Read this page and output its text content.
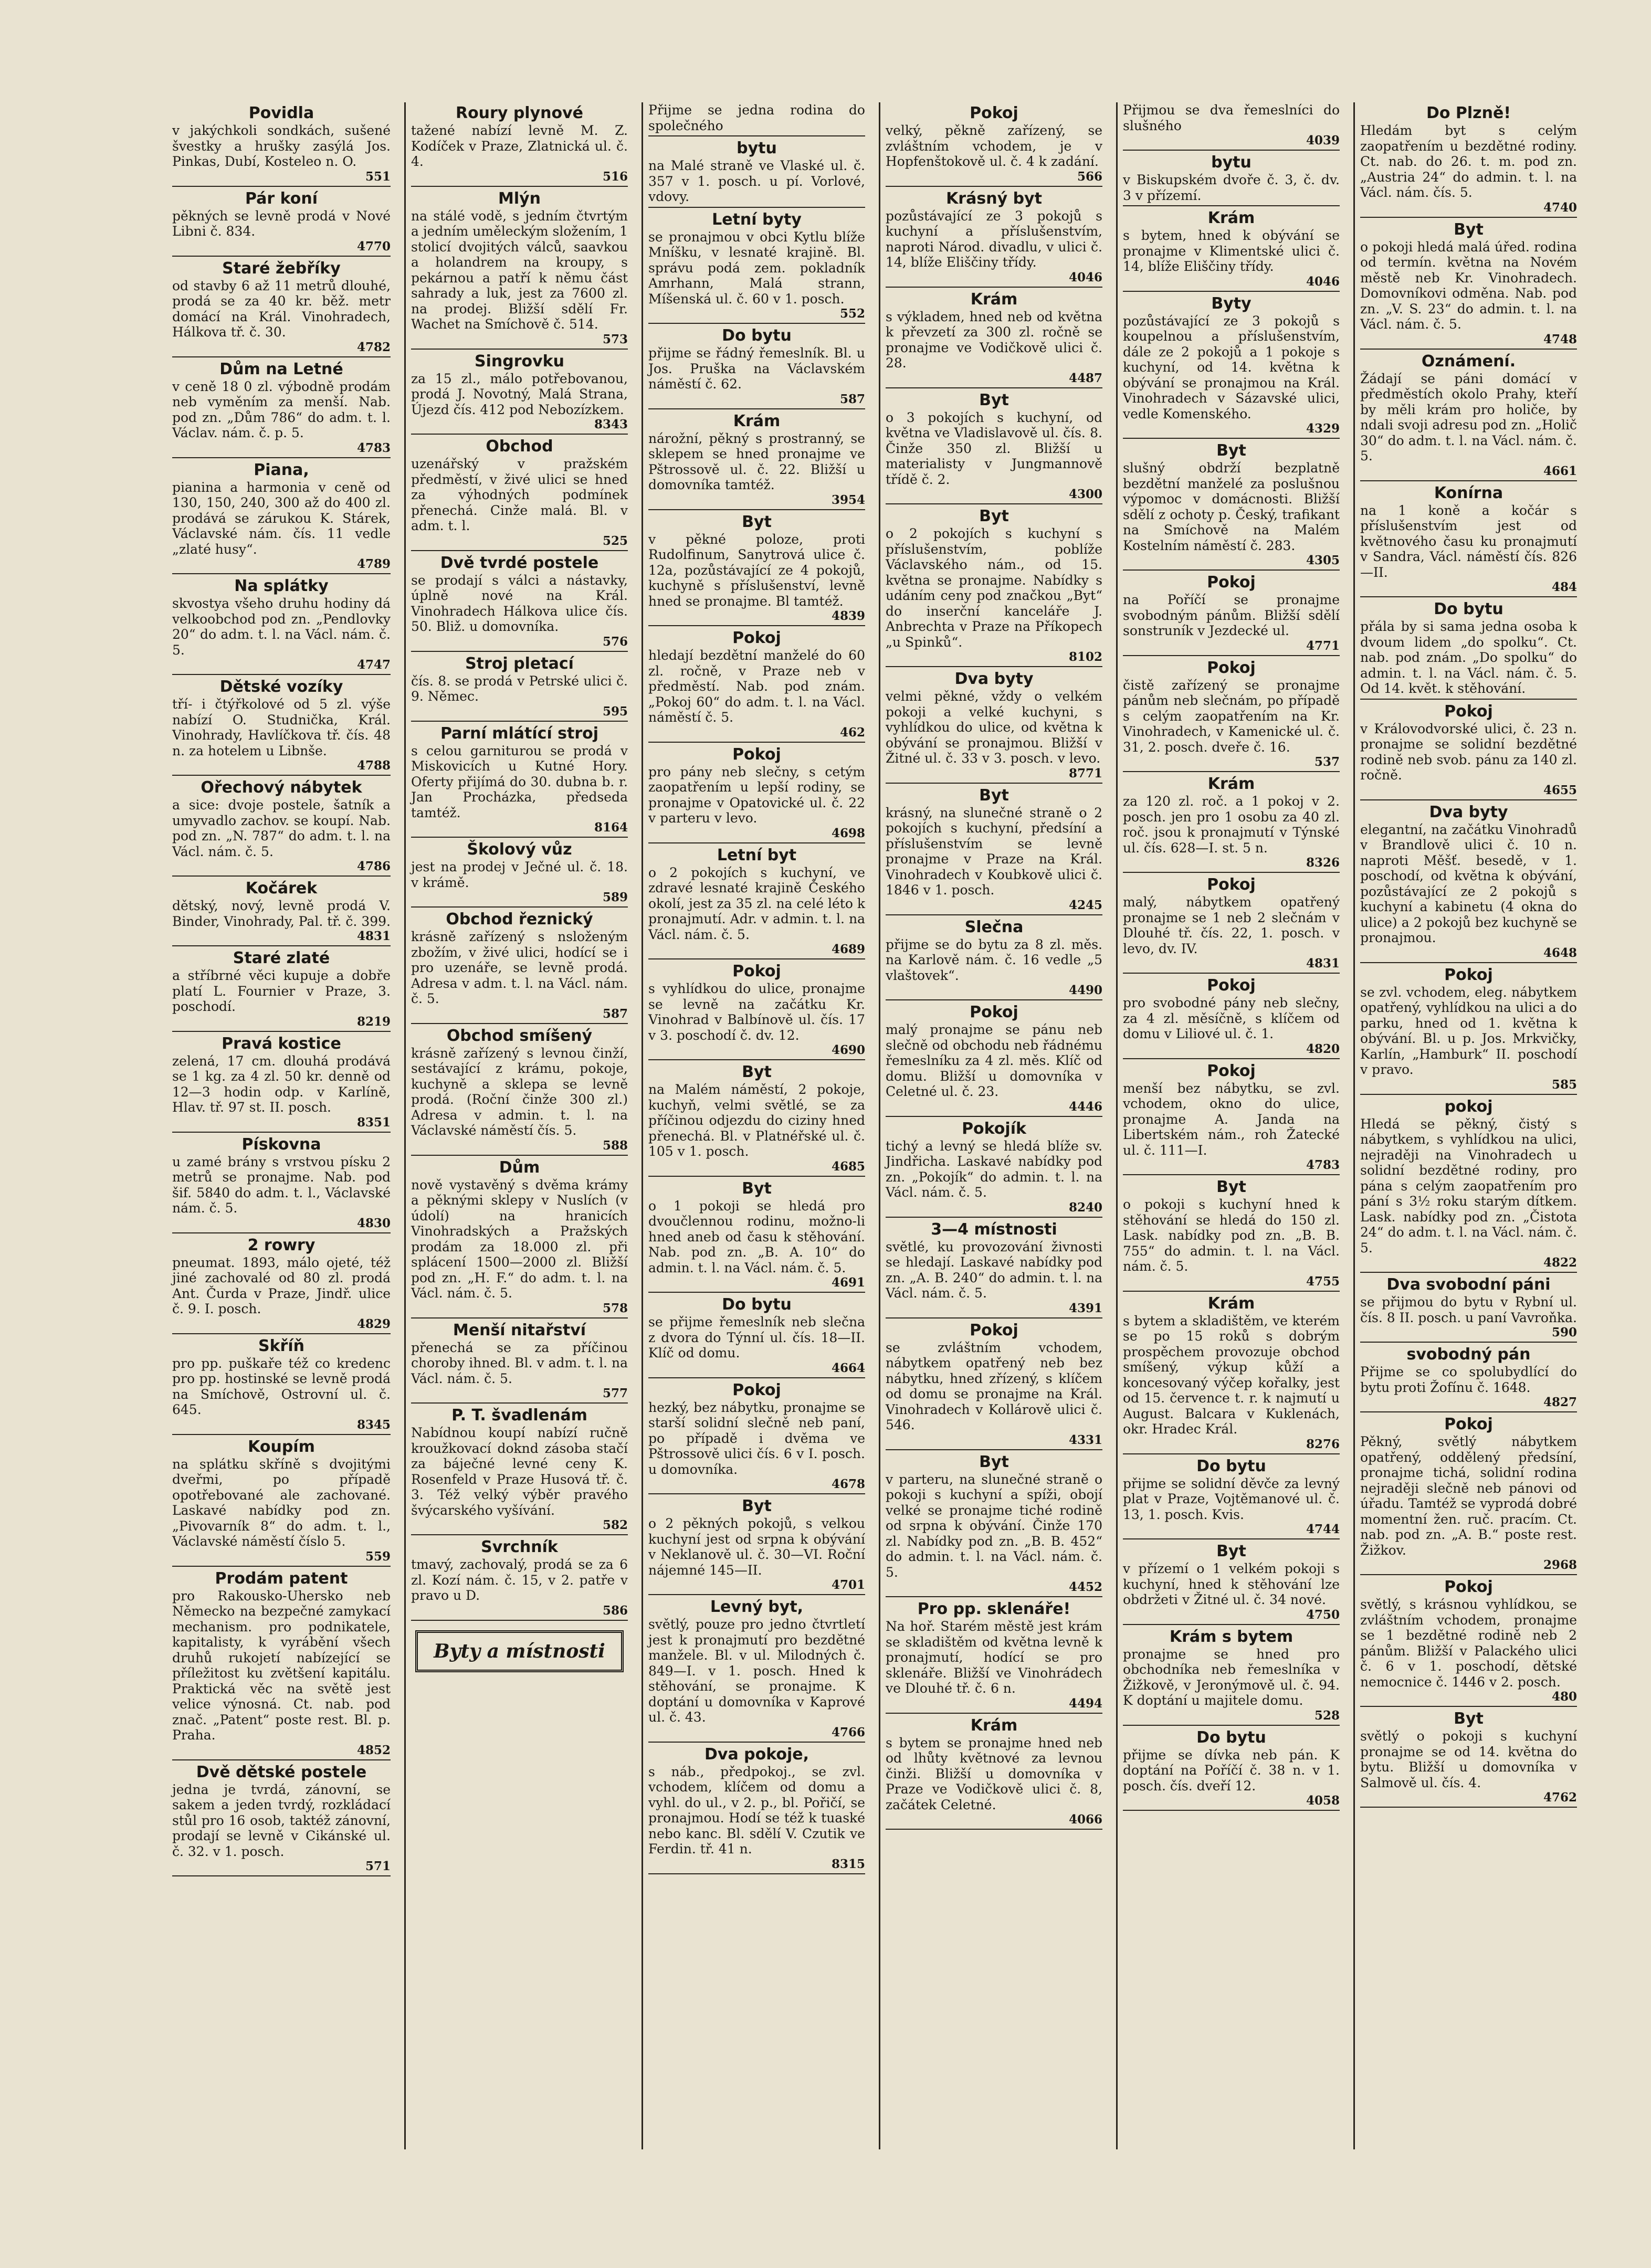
Povidla

v jakýchkoli sondkách, sušené švestky a hrušky zasýlá Jos. Pinkas, Dubí, Kosteleo n. O.

551
Pár koní

pěkných se levně prodá v Nové Libni č. 834.

4770
Staré žebříky

od stavby 6 až 11 metrů dlouhé, prodá se za 40 kr. běž. metr domácí na Král. Vinohradech, Hálkova tř. č. 30.

4782
Dům na Letné

v ceně 18 0 zl. výbodně prodám neb vyměním za menší. Nab. pod zn. „Dům 786“ do adm. t. l. Václav. nám. č. p. 5.

4783
Piana,

pianina a harmonia v ceně od 130, 150, 240, 300 až do 400 zl. prodává se zárukou K. Stárek, Václavské nám. čís. 11 vedle „zlaté husy“.

4789
Na splátky

skvostya všeho druhu hodiny dá velkoobchod pod zn. „Pendlovky 20“ do adm. t. l. na Václ. nám. č. 5.

4747
Dětské vozíky

tří- i čtýřkolové od 5 zl. výše nabízí O. Studnička, Král. Vinohrady, Havlíčkova tř. čís. 48 n. za hotelem u Libnše.

4788
Ořechový nábytek

a sice: dvoje postele, šatník a umyvadlo zachov. se koupí. Nab. pod zn. „N. 787“ do adm. t. l. na Václ. nám. č. 5.

4786
Kočárek

dětský, nový, levně prodá V. Binder, Vinohrady, Pal. tř. č. 399.

4831
Staré zlaté

a stříbrné věci kupuje a dobře platí L. Fournier v Praze, 3. poschodí.

8219
Pravá kostice

zelená, 17 cm. dlouhá prodává se 1 kg. za 4 zl. 50 kr. denně od 12—3 hodin odp. v Karlíně, Hlav. tř. 97 st. II. posch.

8351
Pískovna

u zamé brány s vrstvou písku 2 metrů se pronajme. Nab. pod šif. 5840 do adm. t. l., Václavské nám. č. 5.

4830
2 rowry

pneumat. 1893, málo ojeté, též jiné zachovalé od 80 zl. prodá Ant. Čurda v Praze, Jindř. ulice č. 9. I. posch.

4829
Skříň

pro pp. puškaře též co kredenc pro pp. hostinské se levně prodá na Smíchově, Ostrovní ul. č. 645.

8345
Koupím

na splátku skříně s dvojitými dveřmi, po případě opotřebované ale zachované. Laskavé nabídky pod zn. „Pivovarník 8“ do adm. t. l., Václavské náměstí číslo 5.

559
Prodám patent

pro Rakousko-Uhersko neb Německo na bezpečné zamykací mechanism. pro podnikatele, kapitalisty, k vyrábění všech druhů rukojetí nabízející se příležitost ku zvětšení kapitálu. Praktická věc na světě jest velice výnosná. Ct. nab. pod znač. „Patent“ poste rest. Bl. p. Praha.

4852
Dvě dětské postele

jedna je tvrdá, zánovní, se sakem a jeden tvrdý, rozkládací stůl pro 16 osob, taktéž zánovní, prodají se levně v Cikánské ul. č. 32. v 1. posch.

571
Roury plynové

tažené nabízí levně M. Z. Kodíček v Praze, Zlatnická ul. č. 4.

516
Mlýn

na stálé vodě, s jedním čtvrtým a jedním uměleckým složením, 1 stolicí dvojitých válců, saavkou a holandrem na kroupy, s pekárnou a patří k němu část sahrady a luk, jest za 7600 zl. na prodej. Bližší sdělí Fr. Wachet na Smíchově č. 514.

573
Singrovku

za 15 zl., málo potřebovanou, prodá J. Novotný, Malá Strana, Újezd čís. 412 pod Nebozízkem.

8343
Obchod

uzenářský v pražském předměstí, v živé ulici se hned za výhodných podmínek přenechá. Cinže malá. Bl. v adm. t. l.

525
Dvě tvrdé postele

se prodají s válci a nástavky, úplně nové na Král. Vinohradech Hálkova ulice čís. 50. Bliž. u domovníka.

576
Stroj pletací

čís. 8. se prodá v Petrské ulici č. 9. Němec.

595
Parní mlátící stroj

s celou garniturou se prodá v Miskovicích u Kutné Hory. Oferty přijímá do 30. dubna b. r. Jan Procházka, předseda tamtéž.

8164
Školový vůz

jest na prodej v Ječné ul. č. 18. v krámě.

589
Obchod řeznický

krásně zařízený s nsloženým zbožím, v živé ulici, hodící se i pro uzenáře, se levně prodá. Adresa v adm. t. l. na Václ. nám. č. 5.

587
Obchod smíšený

krásně zařízený s levnou činží, sestávající z krámu, pokoje, kuchyně a sklepa se levně prodá. (Roční činže 300 zl.) Adresa v admin. t. l. na Václavské náměstí čís. 5.

588
Dům

nově vystavěný s dvěma krámy a pěknými sklepy v Nuslích (v údolí) na hranicích Vinohradských a Pražských prodám za 18.000 zl. při splácení 1500—2000 zl. Bližší pod zn. „H. F.“ do adm. t. l. na Václ. nám. č. 5.

578
Menší nitařství

přenechá se za příčinou choroby ihned. Bl. v adm. t. l. na Václ. nám. č. 5.

577
P. T. švadlenám

Nabídnou koupí nabízí ručně kroužkovací doknd zásoba stačí za báječné levné ceny K. Rosenfeld v Praze Husová tř. č. 3. Též velký výběr pravého švýcarského vyšívání.

582
Svrchník

tmavý, zachovalý, prodá se za 6 zl. Kozí nám. č. 15, v 2. patře v pravo u D.

586
Byty a místnosti

Přijme se jedna rodina do společného

bytu

na Malé straně ve Vlaské ul. č. 357 v 1. posch. u pí. Vorlové, vdovy.

Letní byty

se pronajmou v obci Kytlu blíže Mníšku, v lesnaté krajině. Bl. správu podá zem. pokladník Amrhann, Malá strann, Míšenská ul. č. 60 v 1. posch.

552
Do bytu

přijme se řádný řemeslník. Bl. u Jos. Pruška na Václavském náměstí č. 62.

587
Krám

nárožní, pěkný s prostranný, se sklepem se hned pronajme ve Pštrossově ul. č. 22. Bližší u domovníka tamtéž.

3954
Byt

v pěkné poloze, proti Rudolfinum, Sanytrová ulice č. 12a, pozůstávající ze 4 pokojů, kuchyně s příslušenství, levně hned se pronajme. Bl tamtéž.

4839
Pokoj

hledají bezdětní manželé do 60 zl. ročně, v Praze neb v předměstí. Nab. pod znám. „Pokoj 60“ do adm. t. l. na Václ. náměstí č. 5.

462
Pokoj

pro pány neb slečny, s cetým zaopatřením u lepší rodiny, se pronajme v Opatovické ul. č. 22 v parteru v levo.

4698
Letní byt

o 2 pokojích s kuchyní, ve zdravé lesnaté krajině Českého okolí, jest za 35 zl. na celé léto k pronajmutí. Adr. v admin. t. l. na Václ. nám. č. 5.

4689
Pokoj

s vyhlídkou do ulice, pronajme se levně na začátku Kr. Vinohrad v Balbínově ul. čís. 17 v 3. poschodí č. dv. 12.

4690
Byt

na Malém náměstí, 2 pokoje, kuchyň, velmi světlé, se za příčinou odjezdu do ciziny hned přenechá. Bl. v Platnéřské ul. č. 105 v 1. posch.

4685
Byt

o 1 pokoji se hledá pro dvoučlennou rodinu, možno-li hned aneb od času k stěhování. Nab. pod zn. „B. A. 10“ do admin. t. l. na Václ. nám. č. 5.

4691
Do bytu

se přijme řemeslník neb slečna z dvora do Týnní ul. čís. 18—II. Klíč od domu.

4664
Pokoj

hezký, bez nábytku, pronajme se starší solidní slečně neb paní, po případě i dvěma ve Pštrossově ulici čís. 6 v I. posch. u domovníka.

4678
Byt

o 2 pěkných pokojů, s velkou kuchyní jest od srpna k obývání v Neklanově ul. č. 30—VI. Roční nájemné 145—II.

4701
Levný byt,

světlý, pouze pro jedno čtvrtletí jest k pronajmutí pro bezdětné manžele. Bl. v ul. Milodných č. 849—I. v 1. posch. Hned k stěhování, se pronajme. K doptání u domovníka v Kaprové ul. č. 43.

4766
Dva pokoje,

s náb., předpokoj., se zvl. vchodem, klíčem od domu a vyhl. do ul., v 2. p., bl. Pořičí, se pronajmou. Hodí se též k tuaské nebo kanc. Bl. sdělí V. Czutik ve Ferdin. tř. 41 n.

8315
Pokoj

velký, pěkně zařízený, se zvláštním vchodem, je v Hopfenštokově ul. č. 4 k zadání.

566
Krásný byt

pozůstávající ze 3 pokojů s kuchyní a příslušenstvím, naproti Národ. divadlu, v ulici č. 14, blíže Eliščiny třídy.

4046
Krám

s výkladem, hned neb od května k převzetí za 300 zl. ročně se pronajme ve Vodičkově ulici č. 28.

4487
Byt

o 3 pokojích s kuchyní, od května ve Vladislavově ul. čís. 8. Činže 350 zl. Bližší u materialisty v Jungmannově třídě č. 2.

4300
Byt

o 2 pokojích s kuchyní s příslušenstvím, poblíže Václavského nám., od 15. května se pronajme. Nabídky s udáním ceny pod značkou „Byt“ do inserční kanceláře J. Anbrechta v Praze na Příkopech „u Spinků“.

8102
Dva byty

velmi pěkné, vždy o velkém pokoji a velké kuchyni, s vyhlídkou do ulice, od května k obývání se pronajmou. Bližší v Žitné ul. č. 33 v 3. posch. v levo.

8771
Byt

krásný, na slunečné straně o 2 pokojích s kuchyní, předsíní a příslušenstvím se levně pronajme v Praze na Král. Vinohradech v Koubkově ulici č. 1846 v 1. posch.

4245
Slečna

přijme se do bytu za 8 zl. měs. na Karlově nám. č. 16 vedle „5 vlaštovek“.

4490
Pokoj

malý pronajme se pánu neb slečně od obchodu neb řádnému řemeslníku za 4 zl. měs. Klíč od domu. Bližší u domovníka v Celetné ul. č. 23.

4446
Pokojík

tichý a levný se hledá blíže sv. Jindřicha. Laskavé nabídky pod zn. „Pokojík“ do admin. t. l. na Václ. nám. č. 5.

8240
3—4 místnosti

světlé, ku provozování živnosti se hledají. Laskavé nabídky pod zn. „A. B. 240“ do admin. t. l. na Václ. nám. č. 5.

4391
Pokoj

se zvláštním vchodem, nábytkem opatřený neb bez nábytku, hned zřízený, s klíčem od domu se pronajme na Král. Vinohradech v Kollárově ulici č. 546.

4331
Byt

v parteru, na slunečné straně o pokoji s kuchyní a spíži, obojí velké se pronajme tiché rodině od srpna k obývání. Činže 170 zl. Nabídky pod zn. „B. B. 452“ do admin. t. l. na Václ. nám. č. 5.

4452
Pro pp. sklenáře!

Na hoř. Starém městě jest krám se skladištěm od května levně k pronajmutí, hodící se pro sklenáře. Bližší ve Vinohrádech ve Dlouhé tř. č. 6 n.

4494
Krám

s bytem se pronajme hned neb od lhůty květnové za levnou činži. Bližší u domovníka v Praze ve Vodičkově ulici č. 8, začátek Celetné.

4066

Přijmou se dva řemeslníci do slušného

4039
bytu

v Biskupském dvoře č. 3, č. dv. 3 v přízemí.

Krám

s bytem, hned k obývání se pronajme v Klimentské ulici č. 14, blíže Eliščiny třídy.

4046
Byty

pozůstávající ze 3 pokojů s koupelnou a příslušenstvím, dále ze 2 pokojů a 1 pokoje s kuchyní, od 14. května k obývání se pronajmou na Král. Vinohradech v Sázavské ulici, vedle Komenského.

4329
Byt

slušný obdrží bezplatně bezdětní manželé za poslušnou výpomoc v domácnosti. Bližší sdělí z ochoty p. Český, trafikant na Smíchově na Malém Kostelním náměstí č. 283.

4305
Pokoj

na Poříčí se pronajme svobodným pánům. Bližší sdělí sonstruník v Jezdecké ul.

4771
Pokoj

čistě zařízený se pronajme pánům neb slečnám, po případě s celým zaopatřením na Kr. Vinohradech, v Kamenické ul. č. 31, 2. posch. dveře č. 16.

537
Krám

za 120 zl. roč. a 1 pokoj v 2. posch. jen pro 1 osobu za 40 zl. roč. jsou k pronajmutí v Týnské ul. čís. 628—I. st. 5 n.

8326
Pokoj

malý, nábytkem opatřený pronajme se 1 neb 2 slečnám v Dlouhé tř. čís. 22, 1. posch. v levo, dv. IV.

4831
Pokoj

pro svobodné pány neb slečny, za 4 zl. měsíčně, s klíčem od domu v Liliové ul. č. 1.

4820
Pokoj

menší bez nábytku, se zvl. vchodem, okno do ulice, pronajme A. Janda na Libertském nám., roh Žatecké ul. č. 111—I.

4783
Byt

o pokoji s kuchyní hned k stěhování se hledá do 150 zl. Lask. nabídky pod zn. „B. B. 755“ do admin. t. l. na Václ. nám. č. 5.

4755
Krám

s bytem a skladištěm, ve kterém se po 15 roků s dobrým prospěchem provozuje obchod smíšený, výkup kůží a koncesovaný výčep kořalky, jest od 15. července t. r. k najmutí u August. Balcara v Kuklenách, okr. Hradec Král.

8276
Do bytu

přijme se solidní děvče za levný plat v Praze, Vojtěmanové ul. č. 13, 1. posch. Kvis.

4744
Byt

v přízemí o 1 velkém pokoji s kuchyní, hned k stěhování lze obdržeti v Žitné ul. č. 34 nové.

4750
Krám s bytem

pronajme se hned pro obchodníka neb řemeslníka v Žižkově, v Jeronýmově ul. č. 94. K doptání u majitele domu.

528
Do bytu

přijme se dívka neb pán. K doptání na Poříčí č. 38 n. v 1. posch. čís. dveří 12.

4058
Do Plzně!

Hledám byt s celým zaopatřením u bezdětné rodiny. Ct. nab. do 26. t. m. pod zn. „Austria 24“ do admin. t. l. na Václ. nám. čís. 5.

4740
Byt

o pokoji hledá malá úřed. rodina od termín. května na Novém městě neb Kr. Vinohradech. Domovníkovi odměna. Nab. pod zn. „V. S. 23“ do admin. t. l. na Václ. nám. č. 5.

4748
Oznámení.

Žádají se páni domácí v předměstích okolo Prahy, kteří by měli krám pro holiče, by ndali svoji adresu pod zn. „Holič 30“ do adm. t. l. na Václ. nám. č. 5.

4661
Konírna

na 1 koně a kočár s příslušenstvím jest od květnového času ku pronajmutí v Sandra, Václ. náměstí čís. 826—II.

484
Do bytu

přála by si sama jedna osoba k dvoum lidem „do spolku“. Ct. nab. pod znám. „Do spolku“ do admin. t. l. na Václ. nám. č. 5. Od 14. květ. k stěhování.

Pokoj

v Královodvorské ulici, č. 23 n. pronajme se solidní bezdětné rodině neb svob. pánu za 140 zl. ročně.

4655
Dva byty

elegantní, na začátku Vinohradů v Brandlově ulici č. 10 n. naproti Měšť. besedě, v 1. poschodí, od května k obývání, pozůstávající ze 2 pokojů s kuchyní a kabinetu (4 okna do ulice) a 2 pokojů bez kuchyně se pronajmou.

4648
Pokoj

se zvl. vchodem, eleg. nábytkem opatřený, vyhlídkou na ulici a do parku, hned od 1. května k obývání. Bl. u p. Jos. Mrkvičky, Karlín, „Hamburk“ II. poschodí v pravo.

585
pokoj

Hledá se pěkný, čistý s nábytkem, s vyhlídkou na ulici, nejraději na Vinohradech u solidní bezdětné rodiny, pro pána s celým zaopatřením pro pání s 3½ roku starým dítkem. Lask. nabídky pod zn. „Čistota 24“ do adm. t. l. na Václ. nám. č. 5.

4822
Dva svobodní páni

se přijmou do bytu v Rybní ul. čís. 8 II. posch. u paní Vavroňka.

590
svobodný pán

Přijme se co spolubydlící do bytu proti Žofínu č. 1648.

4827
Pokoj

Pěkný, světlý nábytkem opatřený, oddělený předsíní, pronajme tichá, solidní rodina nejraději slečně neb pánovi od úřadu. Tamtéž se vyprodá dobré momentní žen. ruč. pracím. Ct. nab. pod zn. „A. B.“ poste rest. Žižkov.

2968
Pokoj

světlý, s krásnou vyhlídkou, se zvláštním vchodem, pronajme se 1 bezdětné rodině neb 2 pánům. Bližší v Palackého ulici č. 6 v 1. poschodí, dětské nemocnice č. 1446 v 2. posch.

480
Byt

světlý o pokoji s kuchyní pronajme se od 14. května do bytu. Bližší u domovníka v Salmově ul. čís. 4.

4762
